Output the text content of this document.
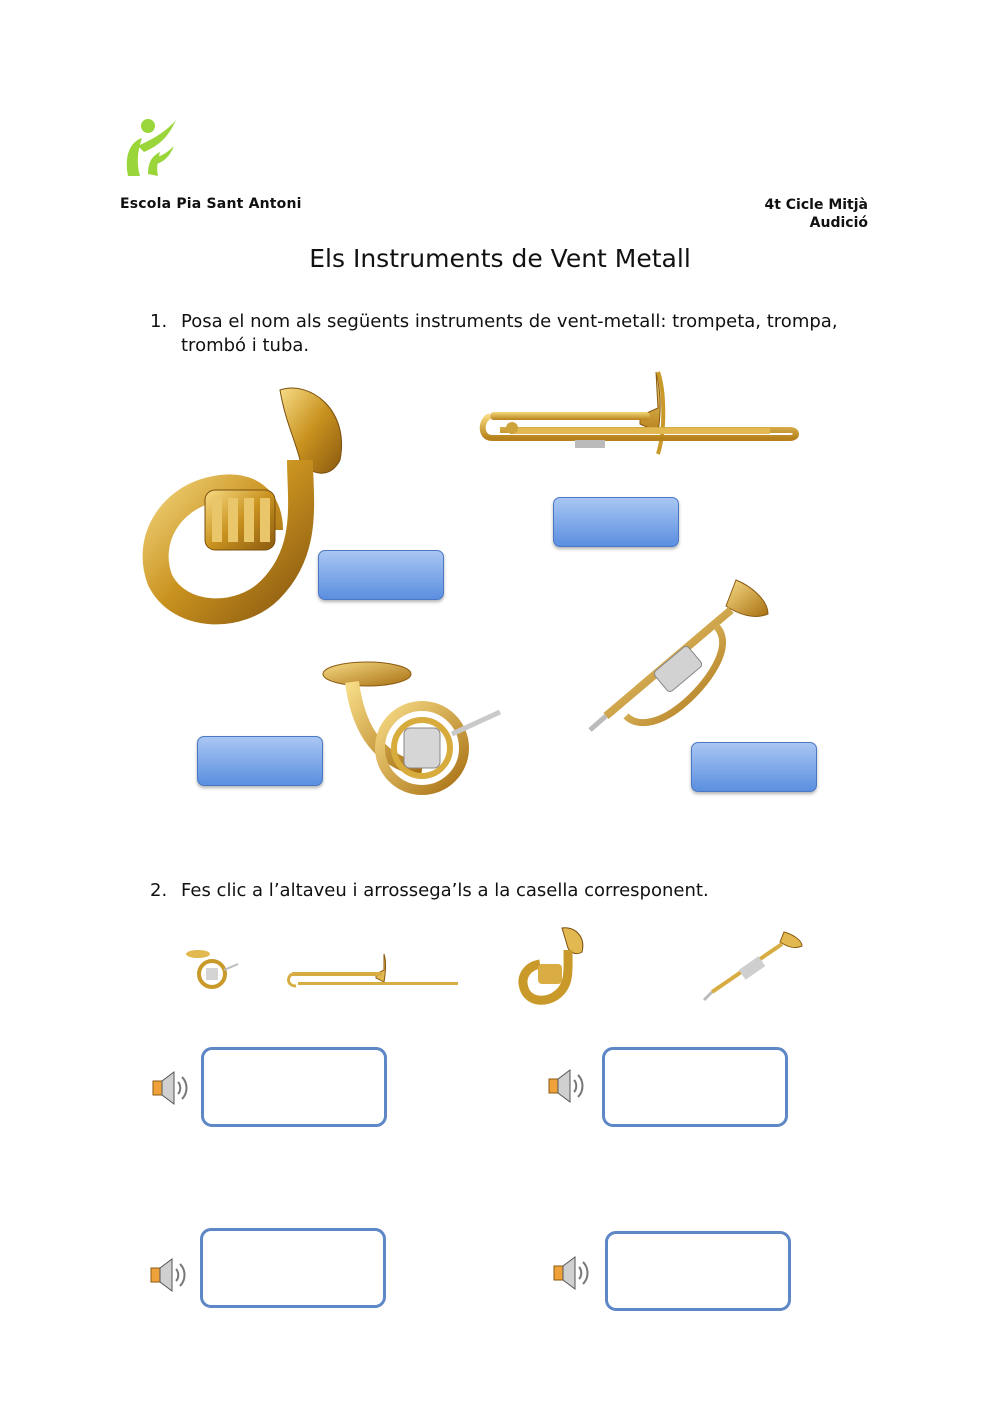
Escola Pia Sant Antoni	4t Cicle Mitjà
Audició
Els Instruments de Vent Metall
1. Posa el nom als següents instruments de vent-metall: trompeta, trompa, trombó i tuba.
2. Fes clic a l’altaveu i arrossega’ls a la casella corresponent.
